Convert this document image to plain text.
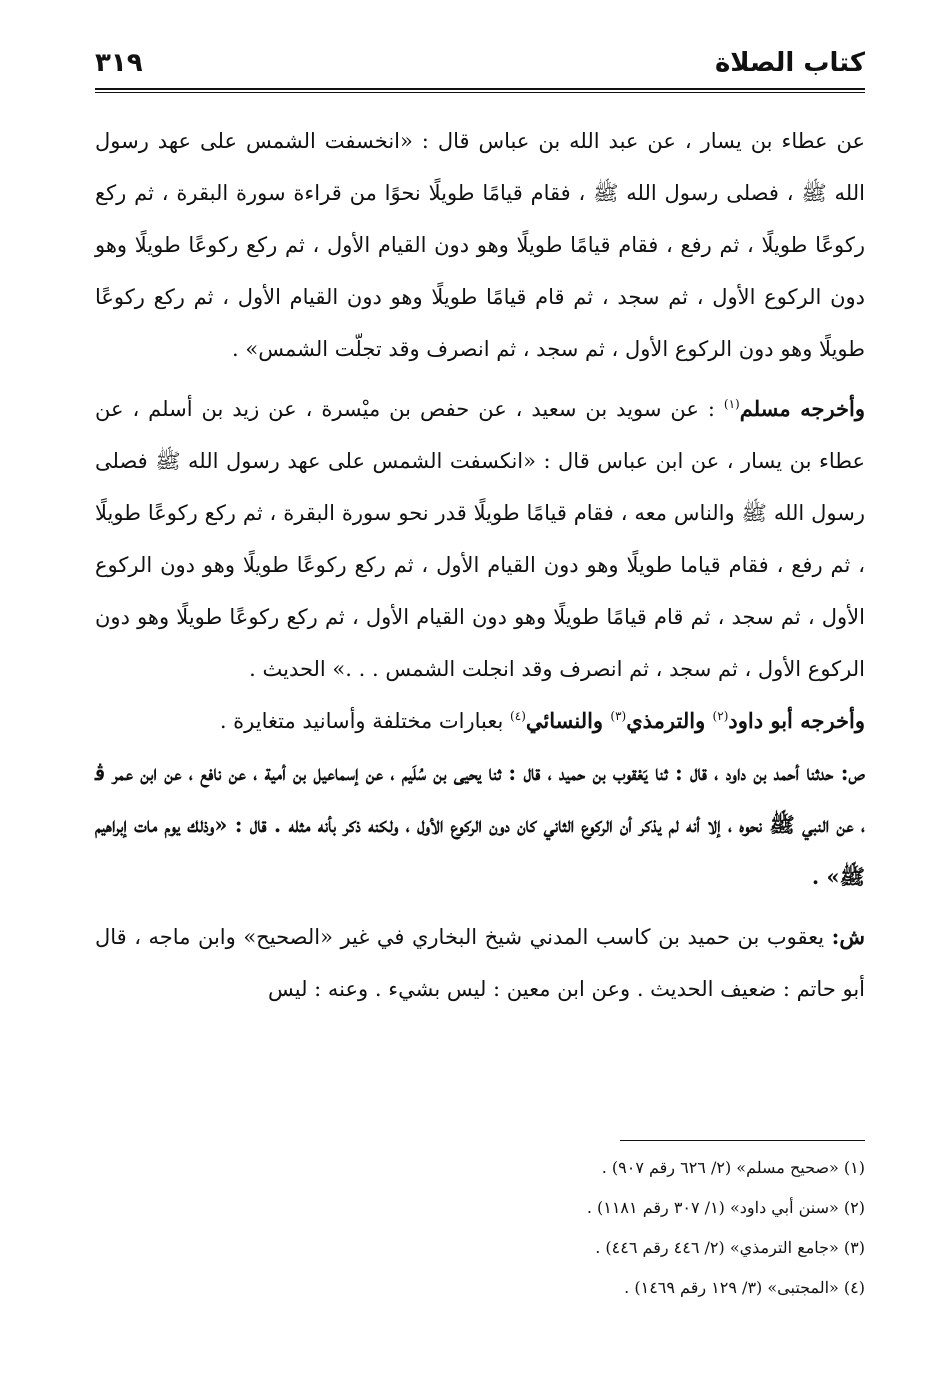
كتاب الصلاة
٣١٩

عن عطاء بن يسار ، عن عبد الله بن عباس قال : «انخسفت الشمس على عهد رسول الله ﷺ ، فصلى رسول الله ﷺ ، فقام قيامًا طويلًا نحوًا من قراءة سورة البقرة ، ثم ركع ركوعًا طويلًا ، ثم رفع ، فقام قيامًا طويلًا وهو دون القيام الأول ، ثم ركع ركوعًا طويلًا وهو دون الركوع الأول ، ثم سجد ، ثم قام قيامًا طويلًا وهو دون القيام الأول ، ثم ركع ركوعًا طويلًا وهو دون الركوع الأول ، ثم سجد ، ثم انصرف وقد تجلّت الشمس» .

وأخرجه مسلم$^{(١)}$ : عن سويد بن سعيد ، عن حفص بن ميْسرة ، عن زيد بن أسلم ، عن عطاء بن يسار ، عن ابن عباس قال : «انكسفت الشمس على عهد رسول الله ﷺ فصلى رسول الله ﷺ والناس معه ، فقام قيامًا طويلًا قدر نحو سورة البقرة ، ثم ركع ركوعًا طويلًا ، ثم رفع ، فقام قياما طويلًا وهو دون القيام الأول ، ثم ركع ركوعًا طويلًا وهو دون الركوع الأول ، ثم سجد ، ثم قام قيامًا طويلًا وهو دون القيام الأول ، ثم ركع ركوعًا طويلًا وهو دون الركوع الأول ، ثم سجد ، ثم انصرف وقد انجلت الشمس . . .» الحديث .

وأخرجه أبو داود$^{(٢)}$ والترمذي$^{(٣)}$ والنسائي$^{(٤)}$ بعبارات مختلفة وأسانيد متغايرة .

ص: حدثنا أحمد بن داود ، قال : ثنا يَعْقوب بن حميد ، قال : ثنا يحيى بن سُلَيم ، عن إسماعيل بن أمية ، عن نافع ، عن ابن عمر ﭬ ، عن النبي ﷺ نحوه ، إلا أنه لم يذكر أن الركوع الثاني كان دون الركوع الأول ، ولكنه ذكر بأنه مثله . قال : «وذلك يوم مات إبراهيم ﷺ» .

ش: يعقوب بن حميد بن كاسب المدني شيخ البخاري في غير «الصحيح» وابن ماجه ، قال أبو حاتم : ضعيف الحديث . وعن ابن معين : ليس بشيء . وعنه : ليس

(١) «صحيح مسلم» (٢/ ٦٢٦ رقم ٩٠٧) .
(٢) «سنن أبي داود» (١/ ٣٠٧ رقم ١١٨١) .
(٣) «جامع الترمذي» (٢/ ٤٤٦ رقم ٤٤٦) .
(٤) «المجتبى» (٣/ ١٢٩ رقم ١٤٦٩) .
